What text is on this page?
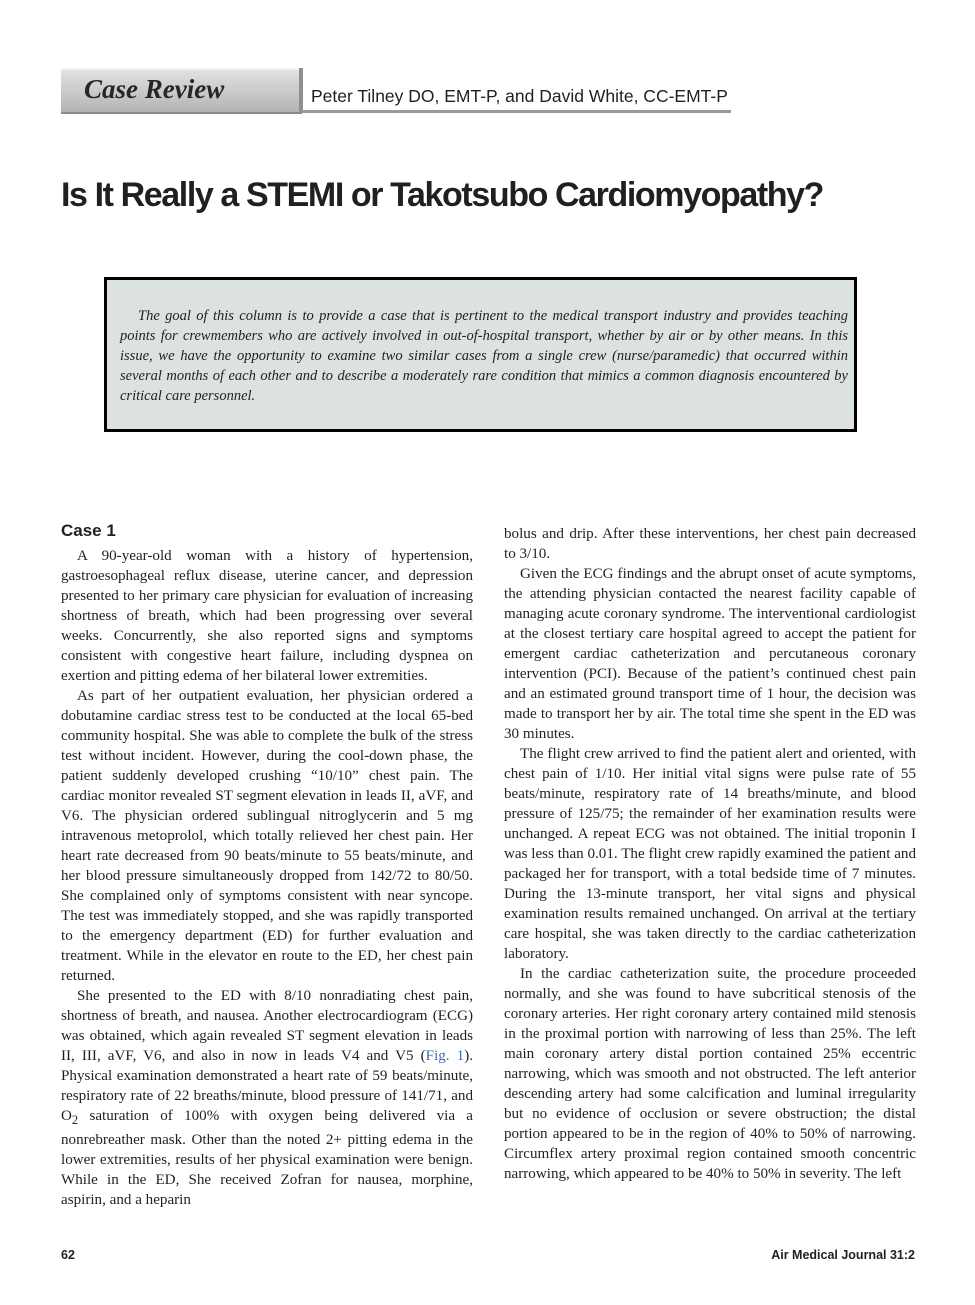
Case Review	Peter Tilney DO, EMT-P, and David White, CC-EMT-P
Is It Really a STEMI or Takotsubo Cardiomyopathy?

The goal of this column is to provide a case that is pertinent to the medical transport industry and provides teaching points for crewmembers who are actively involved in out-of-hospital transport, whether by air or by other means. In this issue, we have the opportunity to examine two similar cases from a single crew (nurse/paramedic) that occurred within several months of each other and to describe a moderately rare condition that mimics a common diagnosis encountered by critical care personnel.

Case 1

A 90-year-old woman with a history of hypertension, gastroesophageal reflux disease, uterine cancer, and depression presented to her primary care physician for evaluation of increasing shortness of breath, which had been progressing over several weeks. Concurrently, she also reported signs and symptoms consistent with congestive heart failure, including dyspnea on exertion and pitting edema of her bilateral lower extremities.

As part of her outpatient evaluation, her physician ordered a dobutamine cardiac stress test to be conducted at the local 65-bed community hospital. She was able to complete the bulk of the stress test without incident. However, during the cool-down phase, the patient suddenly developed crushing “10/10” chest pain. The cardiac monitor revealed ST segment elevation in leads II, aVF, and V6. The physician ordered sublingual nitroglycerin and 5 mg intravenous metoprolol, which totally relieved her chest pain. Her heart rate decreased from 90 beats/minute to 55 beats/minute, and her blood pressure simultaneously dropped from 142/72 to 80/50. She complained only of symptoms consistent with near syncope. The test was immediately stopped, and she was rapidly transported to the emergency department (ED) for further evaluation and treatment. While in the elevator en route to the ED, her chest pain returned.

She presented to the ED with 8/10 nonradiating chest pain, shortness of breath, and nausea. Another electrocardiogram (ECG) was obtained, which again revealed ST segment elevation in leads II, III, aVF, V6, and also in now in leads V4 and V5 (Fig. 1). Physical examination demonstrated a heart rate of 59 beats/minute, respiratory rate of 22 breaths/minute, blood pressure of 141/71, and $O_2$ saturation of 100% with oxygen being delivered via a nonrebreather mask. Other than the noted 2+ pitting edema in the lower extremities, results of her physical examination were benign. While in the ED, She received Zofran for nausea, morphine, aspirin, and a heparin

bolus and drip. After these interventions, her chest pain decreased to 3/10.

Given the ECG findings and the abrupt onset of acute symptoms, the attending physician contacted the nearest facility capable of managing acute coronary syndrome. The interventional cardiologist at the closest tertiary care hospital agreed to accept the patient for emergent cardiac catheterization and percutaneous coronary intervention (PCI). Because of the patient’s continued chest pain and an estimated ground transport time of 1 hour, the decision was made to transport her by air. The total time she spent in the ED was 30 minutes.

The flight crew arrived to find the patient alert and oriented, with chest pain of 1/10. Her initial vital signs were pulse rate of 55 beats/minute, respiratory rate of 14 breaths/minute, and blood pressure of 125/75; the remainder of her examination results were unchanged. A repeat ECG was not obtained. The initial troponin I was less than 0.01. The flight crew rapidly examined the patient and packaged her for transport, with a total bedside time of 7 minutes. During the 13-minute transport, her vital signs and physical examination results remained unchanged. On arrival at the tertiary care hospital, she was taken directly to the cardiac catheterization laboratory.

In the cardiac catheterization suite, the procedure proceeded normally, and she was found to have subcritical stenosis of the coronary arteries. Her right coronary artery contained mild stenosis in the proximal portion with narrowing of less than 25%. The left main coronary artery distal portion contained 25% eccentric narrowing, which was smooth and not obstructed. The left anterior descending artery had some calcification and luminal irregularity but no evidence of occlusion or severe obstruction; the distal portion appeared to be in the region of 40% to 50% of narrowing. Circumflex artery proximal region contained smooth concentric narrowing, which appeared to be 40% to 50% in severity. The left

62	Air Medical Journal 31:2
